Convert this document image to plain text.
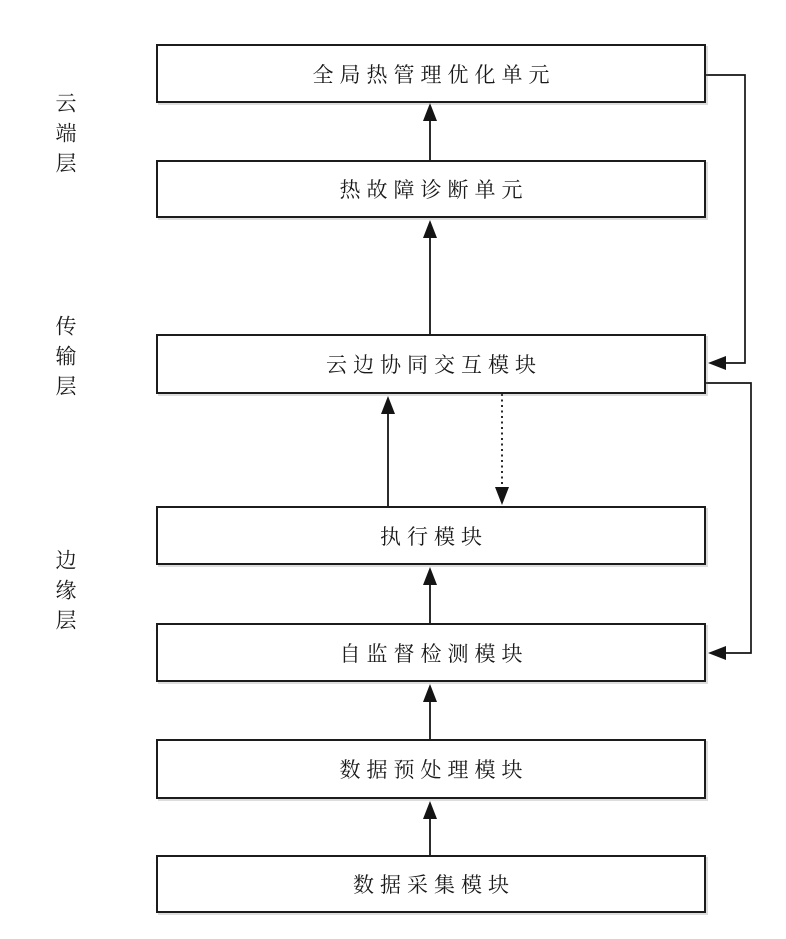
云端层
传输层
边缘层
全局热管理优化单元
热故障诊断单元
云边协同交互模块
执行模块
自监督检测模块
数据预处理模块
数据采集模块
